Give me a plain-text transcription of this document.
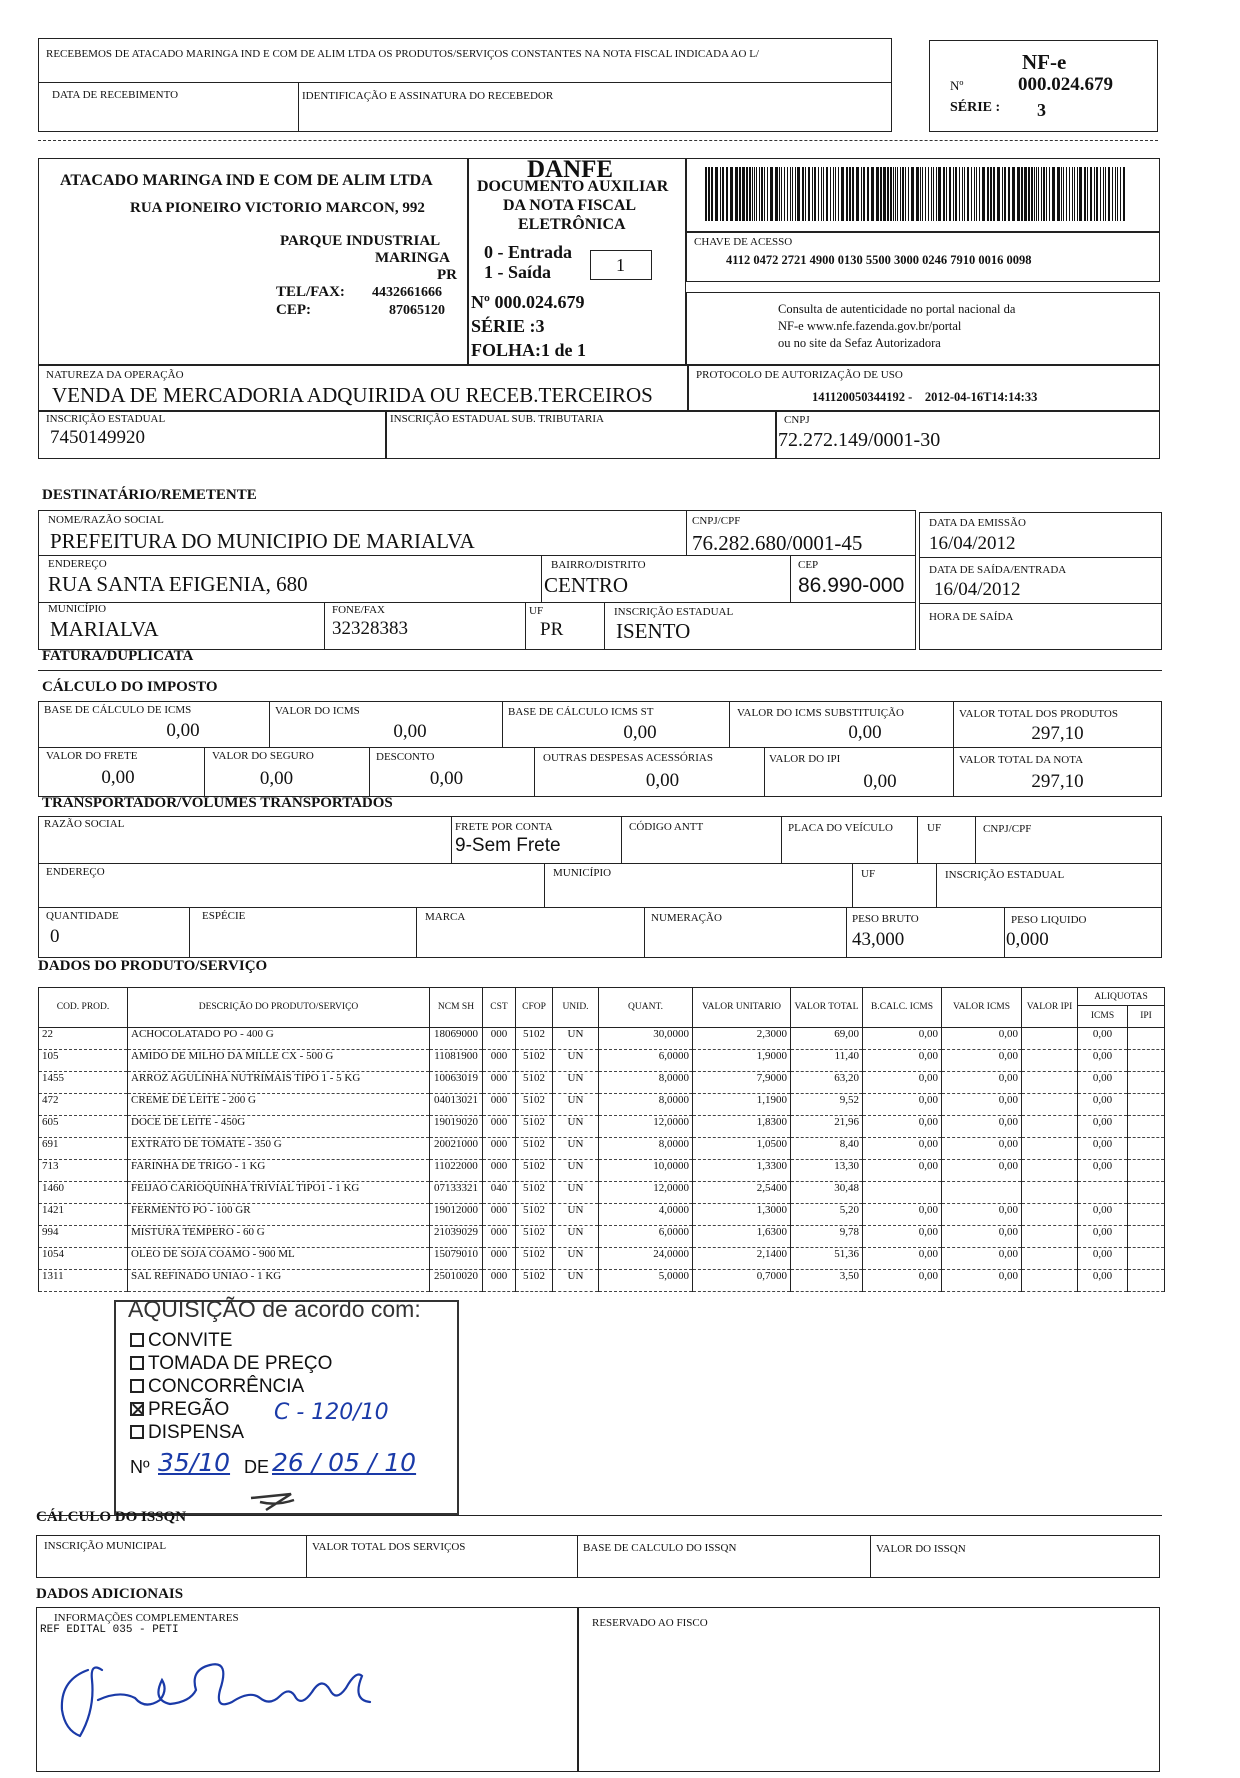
RECEBEMOS DE ATACADO MARINGA IND E COM DE ALIM LTDA OS PRODUTOS/SERVIÇOS CONSTANTES NA NOTA FISCAL INDICADA AO L/
DATA DE RECEBIMENTO	IDENTIFICAÇÃO E ASSINATURA DO RECEBEDOR
NF-e
Nº	000.024.679
SÉRIE : 3
ATACADO MARINGA IND E COM DE ALIM LTDA
RUA PIONEIRO VICTORIO MARCON, 992
PARQUE INDUSTRIAL
MARINGA
PR
TEL/FAX: 4432661666
CEP:	87065120
DANFE
DOCUMENTO AUXILIAR
DA NOTA FISCAL
ELETRÔNICA
0 - Entrada
1 - Saída	1
Nº 000.024.679
SÉRIE :3
FOLHA:1 de 1
CHAVE DE ACESSO
4112 0472 2721 4900 0130 5500 3000 0246 7910 0016 0098
Consulta de autenticidade no portal nacional da
NF-e www.nfe.fazenda.gov.br/portal
ou no site da Sefaz Autorizadora
NATUREZA DA OPERAÇÃO
VENDA DE MERCADORIA ADQUIRIDA OU RECEB.TERCEIROS
PROTOCOLO DE AUTORIZAÇÃO DE USO
141120050344192 -    2012-04-16T14:14:33
INSCRIÇÃO ESTADUAL
7450149920
INSCRIÇÃO ESTADUAL SUB. TRIBUTARIA	CNPJ
72.272.149/0001-30
DESTINATÁRIO/REMETENTE
NOME/RAZÃO SOCIAL
PREFEITURA DO MUNICIPIO DE MARIALVA
CNPJ/CPF
76.282.680/0001-45
ENDEREÇO
RUA SANTA EFIGENIA, 680
BAIRRO/DISTRITO
CENTRO
CEP
86.990-000
MUNICÍPIO
MARIALVA
FONE/FAX
32328383
UF
PR
INSCRIÇÃO ESTADUAL
ISENTO
DATA DA EMISSÃO
16/04/2012
DATA DE SAÍDA/ENTRADA
16/04/2012
HORA DE SAÍDA
FATURA/DUPLICATA
CÁLCULO DO IMPOSTO
BASE DE CÁLCULO DE ICMS
0,00
VALOR DO ICMS
0,00
BASE DE CÁLCULO ICMS ST
0,00
VALOR DO ICMS SUBSTITUIÇÃO
0,00
VALOR TOTAL DOS PRODUTOS
297,10
VALOR DO FRETE
0,00
VALOR DO SEGURO
0,00
DESCONTO
0,00
OUTRAS DESPESAS ACESSÓRIAS
0,00
VALOR DO IPI
0,00
VALOR TOTAL DA NOTA
297,10
TRANSPORTADOR/VOLUMES TRANSPORTADOS
RAZÃO SOCIAL	FRETE POR CONTA
9-Sem Frete
CÓDIGO ANTT	PLACA DO VEÍCULO	UF	CNPJ/CPF
ENDEREÇO	MUNICÍPIO	UF	INSCRIÇÃO ESTADUAL
QUANTIDADE
0
ESPÉCIE	MARCA	NUMERAÇÃO	PESO BRUTO
43,000
PESO LIQUIDO
0,000
DADOS DO PRODUTO/SERVIÇO
COD. PROD.	DESCRIÇÃO DO PRODUTO/SERVIÇO	NCM SH	CST	CFOP	UNID.	QUANT.	VALOR UNITARIO	VALOR TOTAL	B.CALC. ICMS	VALOR ICMS	VALOR IPI	ALIQUOTAS
ICMS IPI	

22	ACHOCOLATADO PO - 400 G	18069000	000	5102	UN	30,0000	2,3000	69,00	0,00	0,00		0,00	
105	AMIDO DE MILHO DA MILLE CX - 500 G	11081900	000	5102	UN	6,0000	1,9000	11,40	0,00	0,00		0,00	
1455	ARROZ AGULINHA NUTRIMAIS TIPO 1 - 5 KG	10063019	000	5102	UN	8,0000	7,9000	63,20	0,00	0,00		0,00	
472	CREME DE LEITE - 200 G	04013021	000	5102	UN	8,0000	1,1900	9,52	0,00	0,00		0,00	
605	DOCE DE LEITE - 450G	19019020	000	5102	UN	12,0000	1,8300	21,96	0,00	0,00		0,00	
691	EXTRATO DE TOMATE - 350 G	20021000	000	5102	UN	8,0000	1,0500	8,40	0,00	0,00		0,00	
713	FARINHA DE TRIGO - 1 KG	11022000	000	5102	UN	10,0000	1,3300	13,30	0,00	0,00		0,00	
1460	FEIJAO CARIOQUINHA TRIVIAL TIPO1 - 1 KG	07133321	040	5102	UN	12,0000	2,5400	30,48					
1421	FERMENTO PO - 100 GR	19012000	000	5102	UN	4,0000	1,3000	5,20	0,00	0,00		0,00	
994	MISTURA TEMPERO - 60 G	21039029	000	5102	UN	6,0000	1,6300	9,78	0,00	0,00		0,00	
1054	OLEO DE SOJA COAMO - 900 ML	15079010	000	5102	UN	24,0000	2,1400	51,36	0,00	0,00		0,00	
1311	SAL REFINADO UNIAO - 1 KG	25010020	000	5102	UN	5,0000	0,7000	3,50	0,00	0,00		0,00	
AQUISIÇÃO de acordo com:
CONVITE
TOMADA DE PREÇO
CONCORRÊNCIA
PREGÃO
DISPENSA
C - 120/10
Nº 35/10 DE 26 / 05 / 10
CÁLCULO DO ISSQN
INSCRIÇÃO MUNICIPAL	VALOR TOTAL DOS SERVIÇOS	BASE DE CALCULO DO ISSQN	VALOR DO ISSQN
DADOS ADICIONAIS
INFORMAÇÕES COMPLEMENTARES
REF EDITAL 035 - PETI
RESERVADO AO FISCO
